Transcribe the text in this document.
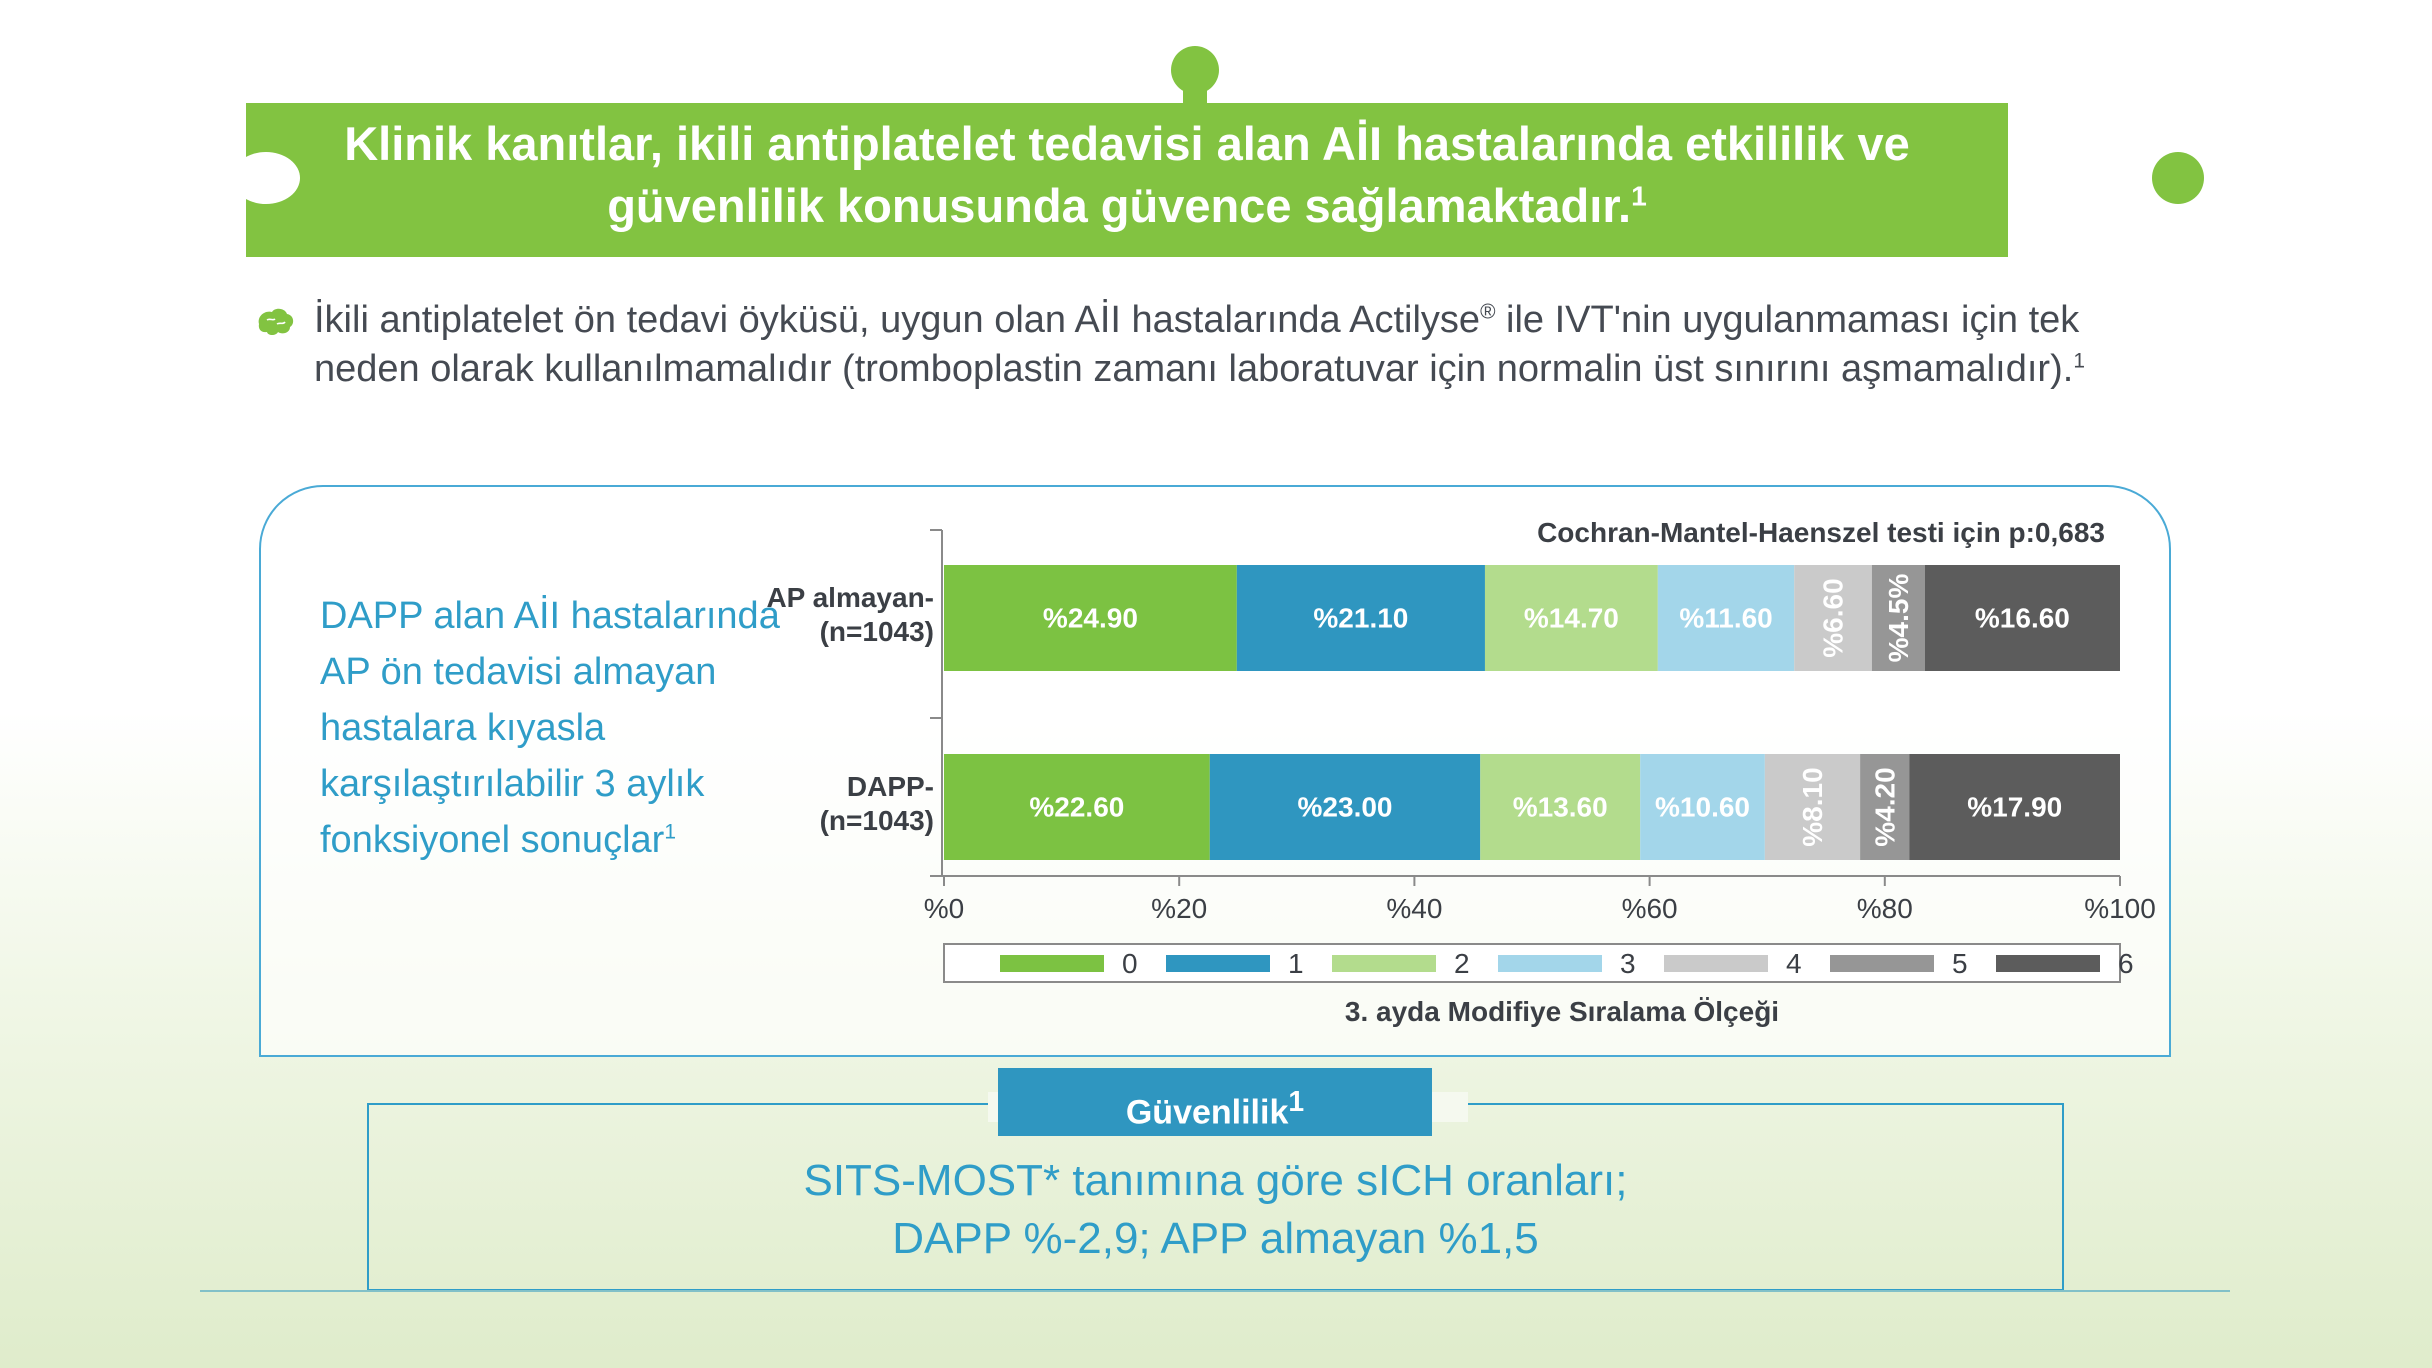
Klinik kanıtlar, ikili antiplatelet tedavisi alan AİI hastalarında etkililik ve
güvenlilik konusunda güvence sağlamaktadır.$^1$
İkili antiplatelet ön tedavi öyküsü, uygun olan AİI hastalarında Actilyse® ile IVT'nin uygulanmaması için tek neden olarak kullanılmamalıdır (tromboplastin zamanı laboratuvar için normalin üst sınırını aşmamalıdır).$^1$
DAPP alan AİI hastalarında AP ön tedavisi almayan hastalara kıyasla karşılaştırılabilir 3 aylık fonksiyonel sonuçlar$^1$
Cochran-Mantel-Haenszel testi için p:0,683
3. ayda Modifiye Sıralama Ölçeği
%0	%20	%40	%60	%80	%100
AP almayan-
(n=1043)	%24.90	%21.10	%14.70 %11.60 %6.60 %4.5% %16.60
DAPP-
(n=1043)	%22.60	%23.00	%13.60 %10.60 %8.10 %4.20 %17.90
0	1	2	3	4	5	6
Güvenlilik$^1$
SITS-MOST* tanımına göre sICH oranları;
DAPP %-2,9; APP almayan %1,5
